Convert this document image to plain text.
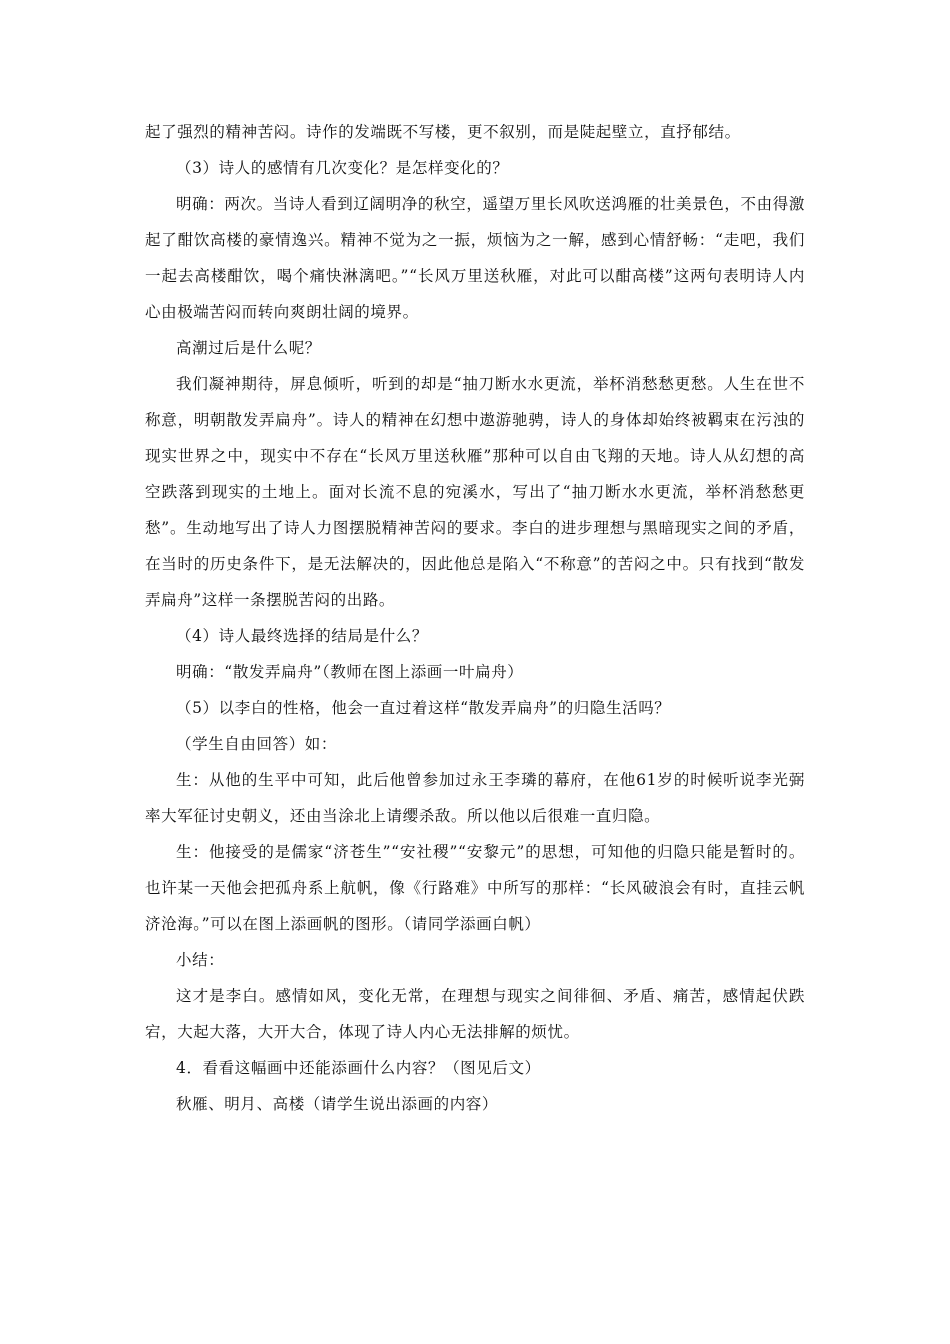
起了强烈的精神苦闷。诗作的发端既不写楼，更不叙别，而是陡起壁立，直抒郁结。

（3）诗人的感情有几次变化？是怎样变化的？

明确：两次。当诗人看到辽阔明净的秋空，遥望万里长风吹送鸿雁的壮美景色，不由得激起了酣饮高楼的豪情逸兴。精神不觉为之一振，烦恼为之一解，感到心情舒畅：“走吧，我们一起去高楼酣饮，喝个痛快淋漓吧。”“长风万里送秋雁，对此可以酣高楼”这两句表明诗人内心由极端苦闷而转向爽朗壮阔的境界。

高潮过后是什么呢？

我们凝神期待，屏息倾听，听到的却是“抽刀断水水更流，举杯消愁愁更愁。人生在世不称意，明朝散发弄扁舟”。诗人的精神在幻想中遨游驰骋，诗人的身体却始终被羁束在污浊的现实世界之中，现实中不存在“长风万里送秋雁”那种可以自由飞翔的天地。诗人从幻想的高空跌落到现实的土地上。面对长流不息的宛溪水，写出了“抽刀断水水更流，举杯消愁愁更愁”。生动地写出了诗人力图摆脱精神苦闷的要求。李白的进步理想与黑暗现实之间的矛盾，在当时的历史条件下，是无法解决的，因此他总是陷入“不称意”的苦闷之中。只有找到“散发弄扁舟”这样一条摆脱苦闷的出路。

（4）诗人最终选择的结局是什么？

明确：“散发弄扁舟”（教师在图上添画一叶扁舟）

（5）以李白的性格，他会一直过着这样“散发弄扁舟”的归隐生活吗？

（学生自由回答）如：

生：从他的生平中可知，此后他曾参加过永王李璘的幕府，在他61岁的时候听说李光弼率大军征讨史朝义，还由当涂北上请缨杀敌。所以他以后很难一直归隐。

生：他接受的是儒家“济苍生”“安社稷”“安黎元”的思想，可知他的归隐只能是暂时的。也许某一天他会把孤舟系上航帆，像《行路难》中所写的那样：“长风破浪会有时，直挂云帆济沧海。”可以在图上添画帆的图形。（请同学添画白帆）

小结：

这才是李白。感情如风，变化无常，在理想与现实之间徘徊、矛盾、痛苦，感情起伏跌宕，大起大落，大开大合，体现了诗人内心无法排解的烦忧。

4．看看这幅画中还能添画什么内容？（图见后文）

秋雁、明月、高楼（请学生说出添画的内容）
